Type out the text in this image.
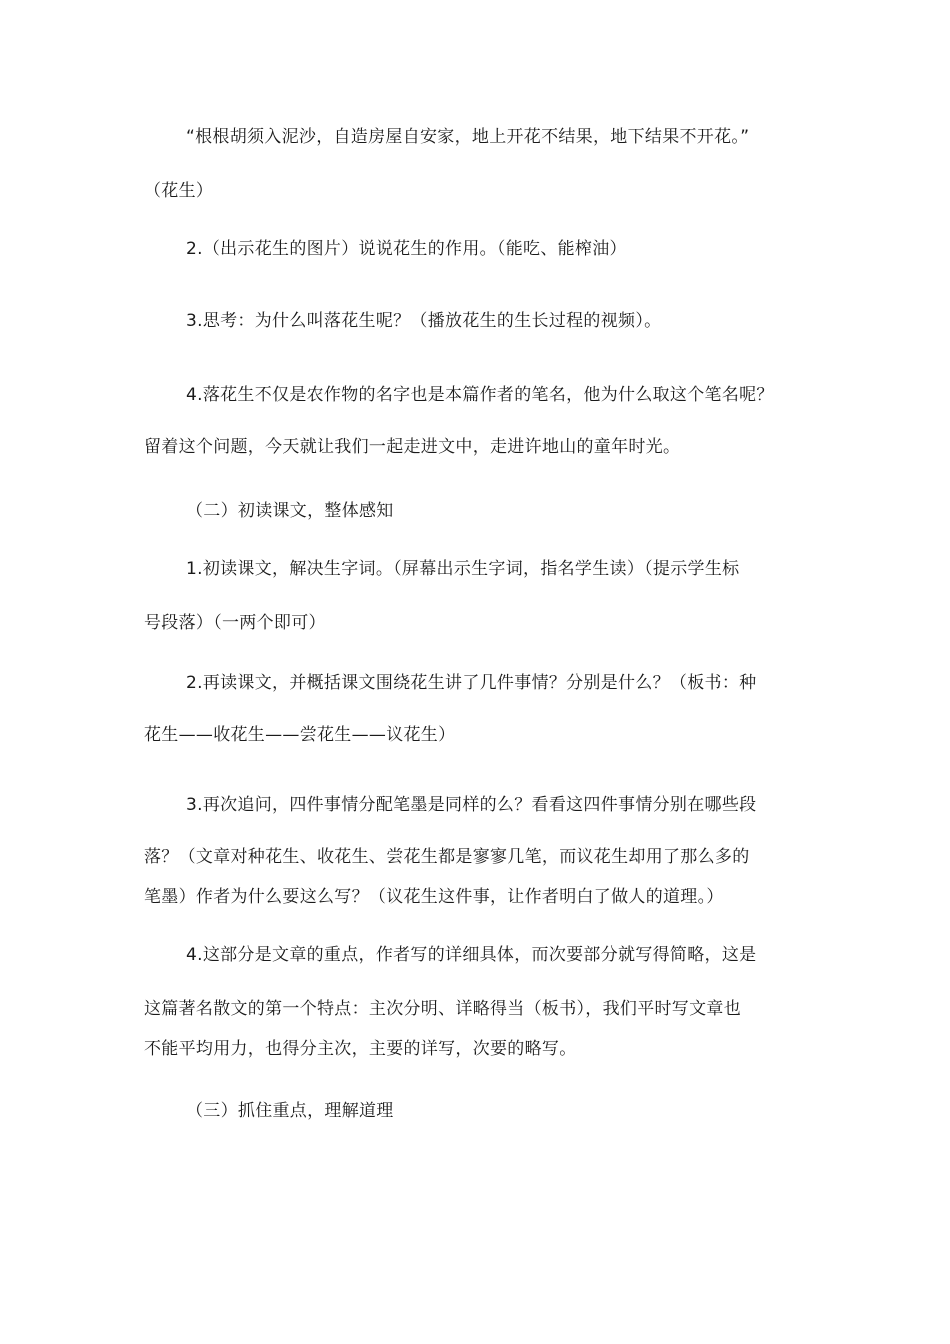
“根根胡须入泥沙，自造房屋自安家，地上开花不结果，地下结果不开花。”
（花生）
2.（出示花生的图片）说说花生的作用。（能吃、能榨油）
3.思考：为什么叫落花生呢？（播放花生的生长过程的视频）。
4.落花生不仅是农作物的名字也是本篇作者的笔名，他为什么取这个笔名呢？
留着这个问题，今天就让我们一起走进文中，走进许地山的童年时光。
（二）初读课文，整体感知
1.初读课文，解决生字词。（屏幕出示生字词，指名学生读）（提示学生标
号段落）（一两个即可）
2.再读课文，并概括课文围绕花生讲了几件事情？分别是什么？（板书：种
花生——收花生——尝花生——议花生）
3.再次追问，四件事情分配笔墨是同样的么？看看这四件事情分别在哪些段
落？（文章对种花生、收花生、尝花生都是寥寥几笔，而议花生却用了那么多的
笔墨）作者为什么要这么写？（议花生这件事，让作者明白了做人的道理。）
4.这部分是文章的重点，作者写的详细具体，而次要部分就写得简略，这是
这篇著名散文的第一个特点：主次分明、详略得当（板书），我们平时写文章也
不能平均用力，也得分主次，主要的详写，次要的略写。
（三）抓住重点，理解道理
